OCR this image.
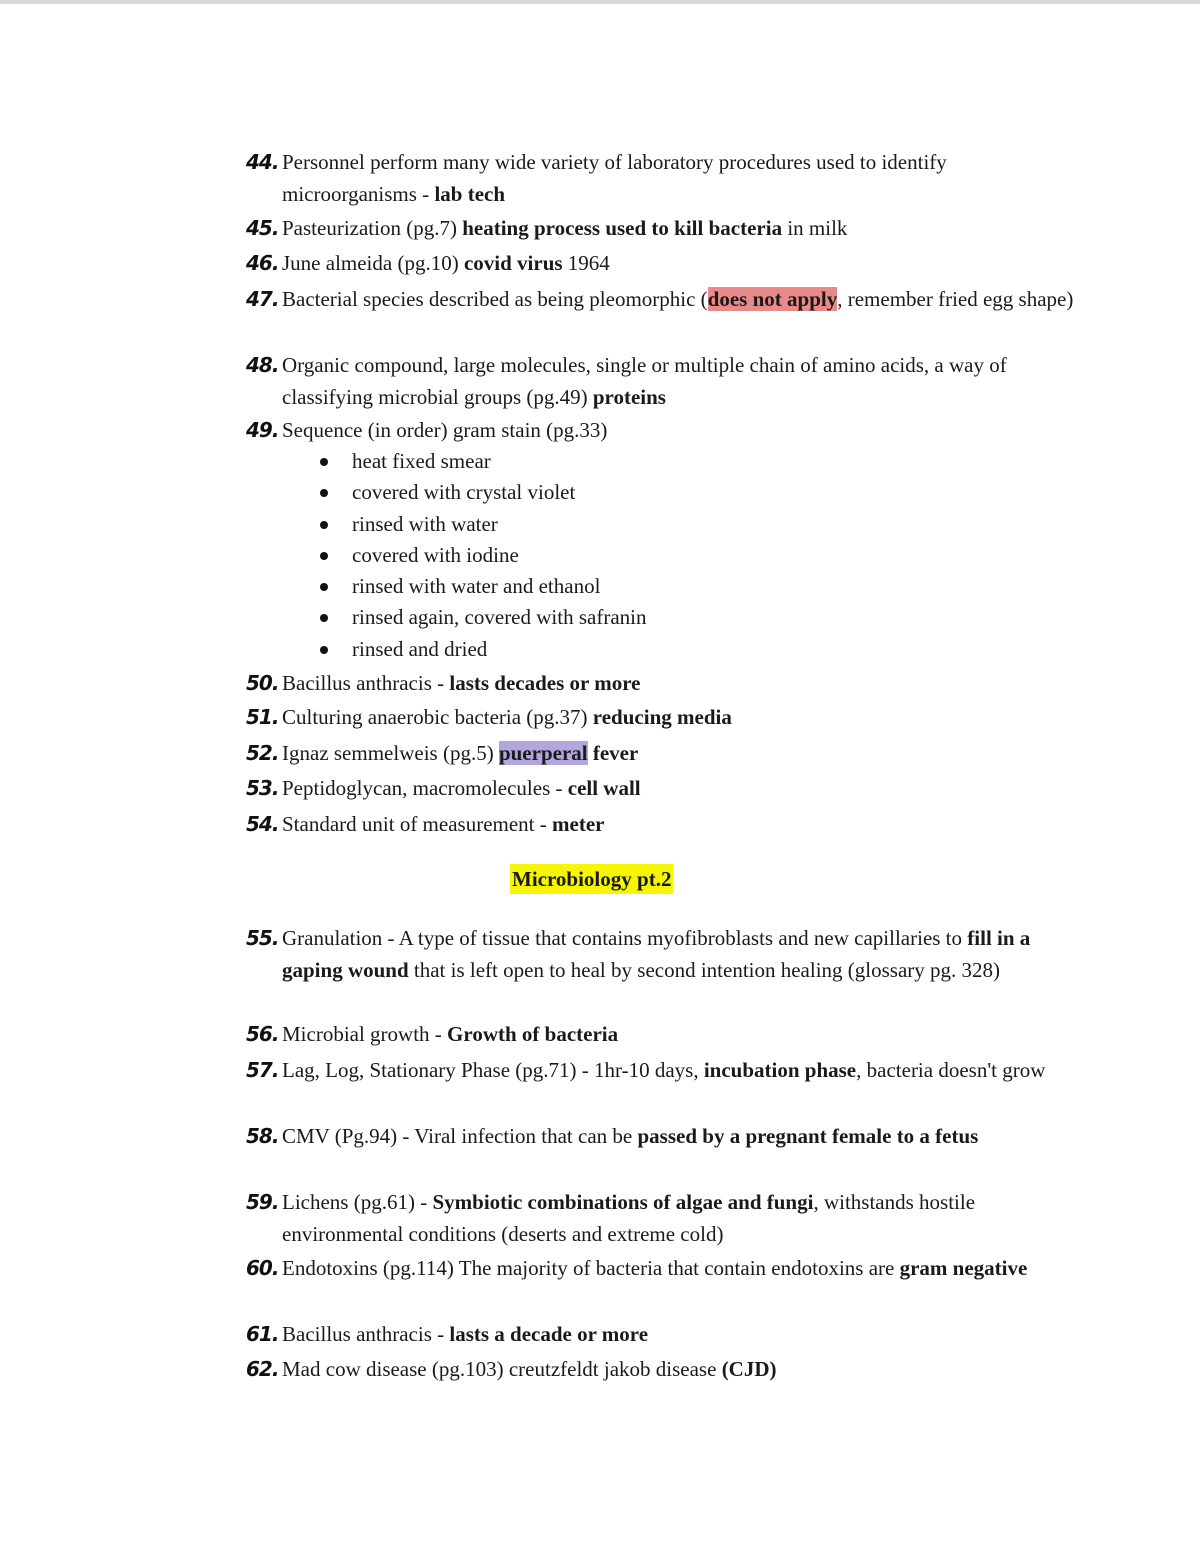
44. Personnel perform many wide variety of laboratory procedures used to identify microorganisms - lab tech
45. Pasteurization (pg.7) heating process used to kill bacteria in milk
46. June almeida (pg.10) covid virus 1964
47. Bacterial species described as being pleomorphic (does not apply, remember fried egg shape)
48. Organic compound, large molecules, single or multiple chain of amino acids, a way of classifying microbial groups (pg.49) proteins
49. Sequence (in order) gram stain (pg.33)
heat fixed smear
covered with crystal violet
rinsed with water
covered with iodine
rinsed with water and ethanol
rinsed again, covered with safranin
rinsed and dried
50. Bacillus anthracis - lasts decades or more
51. Culturing anaerobic bacteria (pg.37) reducing media
52. Ignaz semmelweis (pg.5) puerperal fever
53. Peptidoglycan, macromolecules - cell wall
54. Standard unit of measurement - meter
Microbiology pt.2
55. Granulation - A type of tissue that contains myofibroblasts and new capillaries to fill in a gaping wound that is left open to heal by second intention healing (glossary pg. 328)
56. Microbial growth - Growth of bacteria
57. Lag, Log, Stationary Phase (pg.71) - 1hr-10 days, incubation phase, bacteria doesn't grow
58. CMV (Pg.94) - Viral infection that can be passed by a pregnant female to a fetus
59. Lichens (pg.61) - Symbiotic combinations of algae and fungi, withstands hostile environmental conditions (deserts and extreme cold)
60. Endotoxins (pg.114) The majority of bacteria that contain endotoxins are gram negative
61. Bacillus anthracis - lasts a decade or more
62. Mad cow disease (pg.103) creutzfeldt jakob disease (CJD)
